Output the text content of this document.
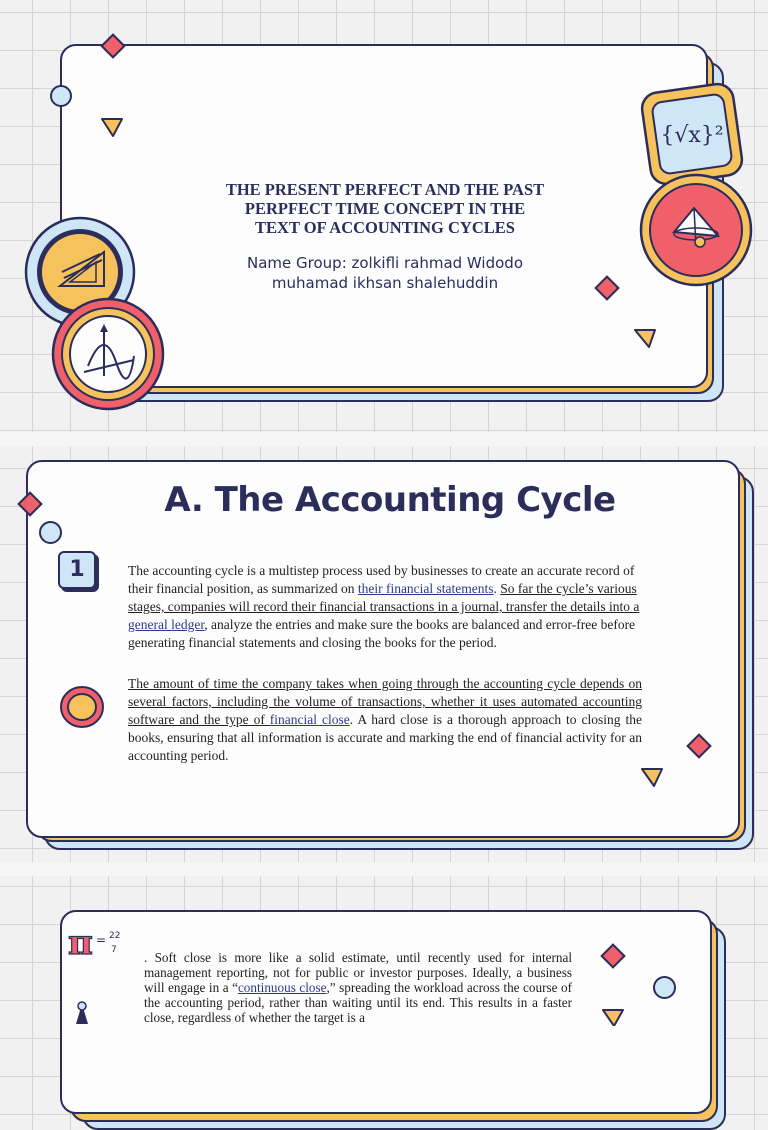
THE PRESENT PERFECT AND THE PAST
PERPFECT TIME CONCEPT IN THE
TEXT OF ACCOUNTING CYCLES
Name Group: zolkifli rahmad Widodo
muhamad ikhsan shalehuddin
{√x}²
A. The Accounting Cycle
1	The accounting cycle is a multistep process used by businesses to create an accurate record of their financial position, as summarized on their financial statements. So far the cycle’s various stages, companies will record their financial transactions in a journal, transfer the details into a general ledger, analyze the entries and make sure the books are balanced and error-free before generating financial statements and closing the books for the period.
The amount of time the company takes when going through the accounting cycle depends on several factors, including the volume of transactions, whether it uses automated accounting software and the type of financial close. A hard close is a thorough approach to closing the books, ensuring that all information is accurate and marking the end of financial activity for an accounting period.
π = 22
7 . Soft close is more like a solid estimate, until recently used for internal management reporting, not for public or investor purposes. Ideally, a business will engage in a “continuous close,” spreading the workload across the course of the accounting period, rather than waiting until its end. This results in a faster close, regardless of whether the target is a
